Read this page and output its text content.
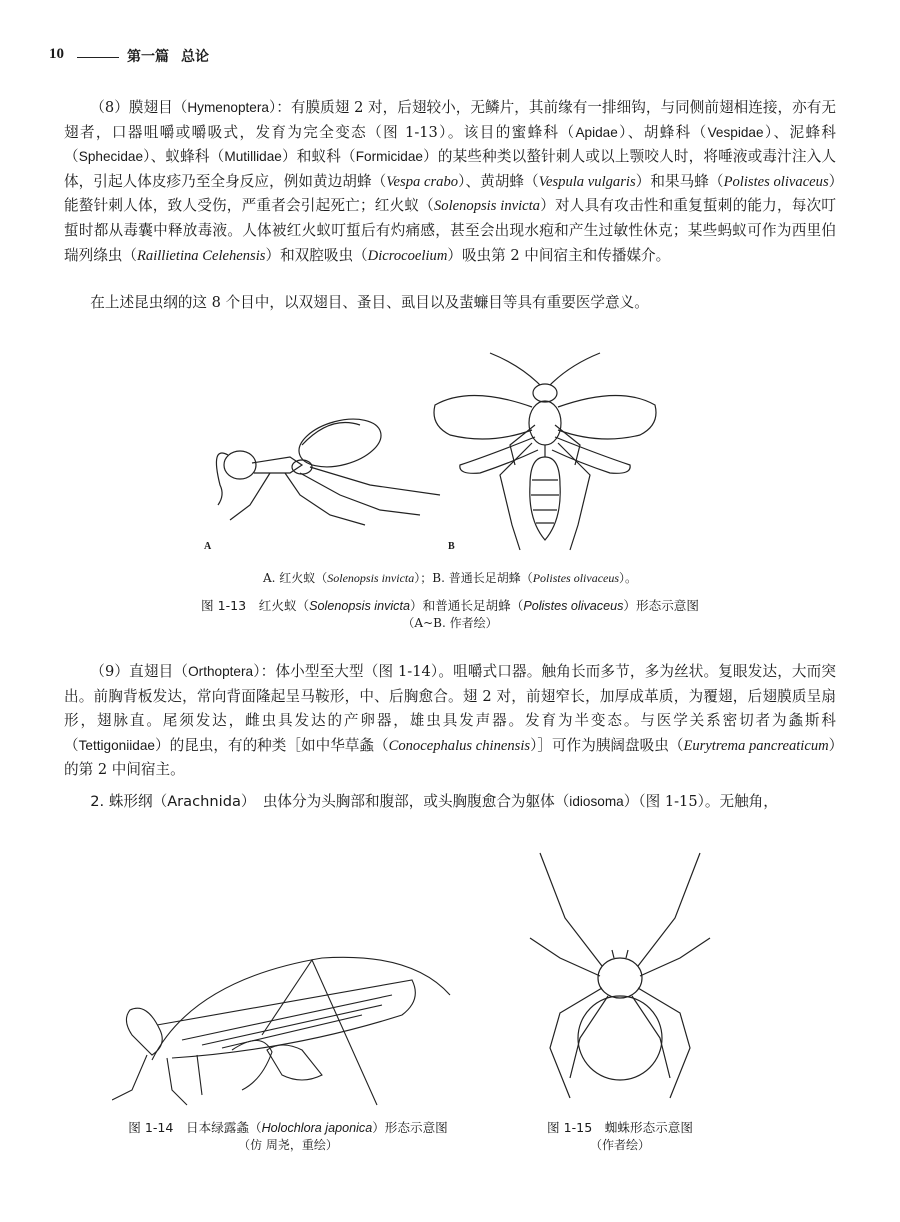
10	第一篇 总论

（8）膜翅目（Hymenoptera）：有膜质翅 2 对，后翅较小，无鳞片，其前缘有一排细钩，与同侧前翅相连接，亦有无翅者，口器咀嚼或嚼吸式，发育为完全变态（图 1-13）。该目的蜜蜂科（Apidae）、胡蜂科（Vespidae）、泥蜂科（Sphecidae）、蚁蜂科（Mutillidae）和蚁科（Formicidae）的某些种类以螯针刺人或以上颚咬人时，将唾液或毒汁注入人体，引起人体皮疹乃至全身反应，例如黄边胡蜂（Vespa crabo）、黄胡蜂（Vespula vulgaris）和果马蜂（Polistes olivaceus）能螯针刺人体，致人受伤，严重者会引起死亡；红火蚁（Solenopsis invicta）对人具有攻击性和重复蜇刺的能力，每次叮蜇时都从毒囊中释放毒液。人体被红火蚁叮蜇后有灼痛感，甚至会出现水疱和产生过敏性休克；某些蚂蚁可作为西里伯瑞列绦虫（Raillietina Celehensis）和双腔吸虫（Dicrocoelium）吸虫第 2 中间宿主和传播媒介。

在上述昆虫纲的这 8 个目中，以双翅目、蚤目、虱目以及蜚蠊目等具有重要医学意义。

A	B
A. 红火蚁（Solenopsis invicta）；B. 普通长足胡蜂（Polistes olivaceus）。
图 1-13　红火蚁（Solenopsis invicta）和普通长足胡蜂（Polistes olivaceus）形态示意图
（A~B. 作者绘）

（9）直翅目（Orthoptera）：体小型至大型（图 1-14）。咀嚼式口器。触角长而多节，多为丝状。复眼发达，大而突出。前胸背板发达，常向背面隆起呈马鞍形，中、后胸愈合。翅 2 对，前翅窄长，加厚成革质，为覆翅，后翅膜质呈扇形，翅脉直。尾须发达，雌虫具发达的产卵器，雄虫具发声器。发育为半变态。与医学关系密切者为螽斯科（Tettigoniidae）的昆虫，有的种类［如中华草螽（Conocephalus chinensis）］可作为胰阔盘吸虫（Eurytrema pancreaticum）的第 2 中间宿主。

2. 蛛形纲（Arachnida）　虫体分为头胸部和腹部，或头胸腹愈合为躯体（idiosoma）（图 1-15）。无触角，

图 1-14　日本绿露螽（Holochlora japonica）形态示意图
（仿 周尧，重绘）
图 1-15　蜘蛛形态示意图
（作者绘）
